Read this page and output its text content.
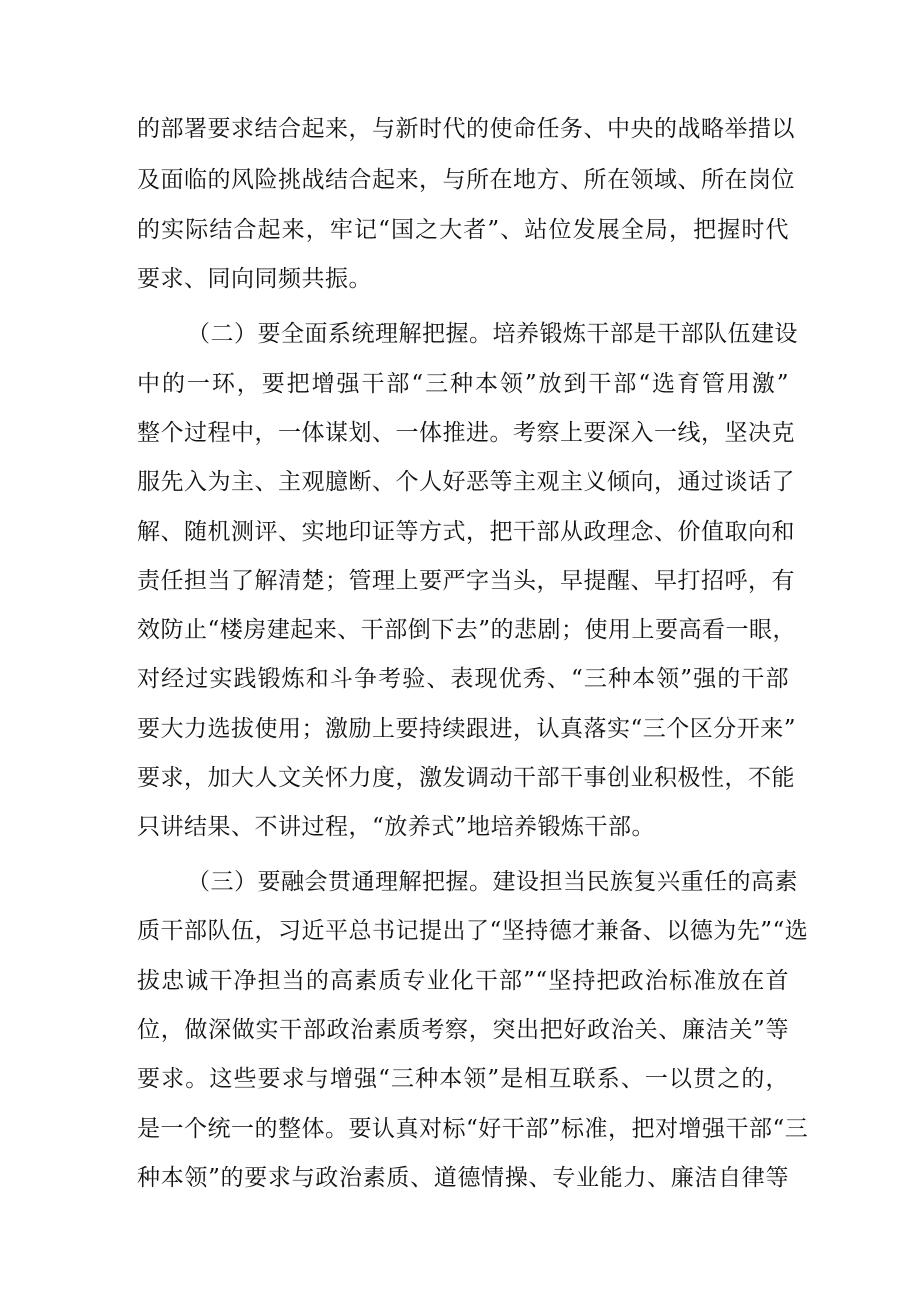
的部署要求结合起来，与新时代的使命任务、中央的战略举措以
及面临的风险挑战结合起来，与所在地方、所在领域、所在岗位
的实际结合起来，牢记“国之大者”、站位发展全局，把握时代
要求、同向同频共振。
（二）要全面系统理解把握。培养锻炼干部是干部队伍建设
中的一环，要把增强干部“三种本领”放到干部“选育管用激”
整个过程中，一体谋划、一体推进。考察上要深入一线，坚决克
服先入为主、主观臆断、个人好恶等主观主义倾向，通过谈话了
解、随机测评、实地印证等方式，把干部从政理念、价值取向和
责任担当了解清楚；管理上要严字当头，早提醒、早打招呼，有
效防止“楼房建起来、干部倒下去”的悲剧；使用上要高看一眼，
对经过实践锻炼和斗争考验、表现优秀、“三种本领”强的干部
要大力选拔使用；激励上要持续跟进，认真落实“三个区分开来”
要求，加大人文关怀力度，激发调动干部干事创业积极性，不能
只讲结果、不讲过程，“放养式”地培养锻炼干部。
（三）要融会贯通理解把握。建设担当民族复兴重任的高素
质干部队伍，习近平总书记提出了“坚持德才兼备、以德为先”“选
拔忠诚干净担当的高素质专业化干部”“坚持把政治标准放在首
位，做深做实干部政治素质考察，突出把好政治关、廉洁关”等
要求。这些要求与增强“三种本领”是相互联系、一以贯之的，
是一个统一的整体。要认真对标“好干部”标准，把对增强干部“三
种本领”的要求与政治素质、道德情操、专业能力、廉洁自律等
